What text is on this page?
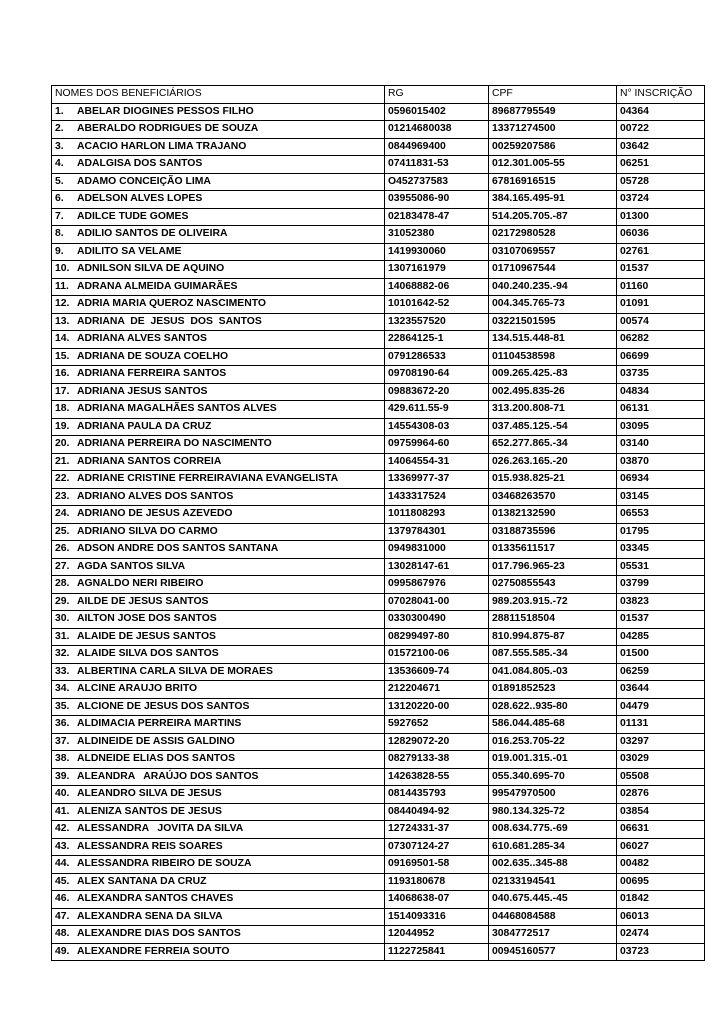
NOMES DOS BENEFICIÁRIOS	RG	CPF	N° INSCRIÇÃO
1. ABELAR DIOGINES PESSOS FILHO	0596015402	89687795549	04364
2. ABERALDO RODRIGUES DE SOUZA	01214680038	13371274500	00722
3. ACACIO HARLON LIMA TRAJANO	0844969400	00259207586	03642
4. ADALGISA DOS SANTOS	07411831-53	012.301.005-55	06251
5. ADAMO CONCEIÇÃO LIMA	O452737583	67816916515	05728
6. ADELSON ALVES LOPES	03955086-90	384.165.495-91	03724
7. ADILCE TUDE GOMES	02183478-47	514.205.705.-87	01300
8. ADILIO SANTOS DE OLIVEIRA	31052380	02172980528	06036
9. ADILITO SA VELAME	1419930060	03107069557	02761
10. ADNILSON SILVA DE AQUINO	1307161979	01710967544	01537
11. ADRANA ALMEIDA GUIMARÃES	14068882-06	040.240.235.-94	01160
12. ADRIA MARIA QUEROZ NASCIMENTO	10101642-52	004.345.765-73	01091
13. ADRIANA  DE  JESUS  DOS  SANTOS	1323557520	03221501595	00574
14. ADRIANA ALVES SANTOS	22864125-1	134.515.448-81	06282
15. ADRIANA DE SOUZA COELHO	0791286533	01104538598	06699
16. ADRIANA FERREIRA SANTOS	09708190-64	009.265.425.-83	03735
17. ADRIANA JESUS SANTOS	09883672-20	002.495.835-26	04834
18. ADRIANA MAGALHÃES SANTOS ALVES	429.611.55-9	313.200.808-71	06131
19. ADRIANA PAULA DA CRUZ	14554308-03	037.485.125.-54	03095
20. ADRIANA PERREIRA DO NASCIMENTO	09759964-60	652.277.865.-34	03140
21. ADRIANA SANTOS CORREIA	14064554-31	026.263.165.-20	03870
22. ADRIANE CRISTINE FERREIRAVIANA EVANGELISTA	13369977-37	015.938.825-21	06934
23. ADRIANO ALVES DOS SANTOS	1433317524	03468263570	03145
24. ADRIANO DE JESUS AZEVEDO	1011808293	01382132590	06553
25. ADRIANO SILVA DO CARMO	1379784301	03188735596	01795
26. ADSON ANDRE DOS SANTOS SANTANA	0949831000	01335611517	03345
27. AGDA SANTOS SILVA	13028147-61	017.796.965-23	05531
28. AGNALDO NERI RIBEIRO	0995867976	02750855543	03799
29. AILDE DE JESUS SANTOS	07028041-00	989.203.915.-72	03823
30. AILTON JOSE DOS SANTOS	0330300490	28811518504	01537
31. ALAIDE DE JESUS SANTOS	08299497-80	810.994.875-87	04285
32. ALAIDE SILVA DOS SANTOS	01572100-06	087.555.585.-34	01500
33. ALBERTINA CARLA SILVA DE MORAES	13536609-74	041.084.805.-03	06259
34. ALCINE ARAUJO BRITO	212204671	01891852523	03644
35. ALCIONE DE JESUS DOS SANTOS	13120220-00	028.622..935-80	04479
36. ALDIMACIA PERREIRA MARTINS	5927652	586.044.485-68	01131
37. ALDINEIDE DE ASSIS GALDINO	12829072-20	016.253.705-22	03297
38. ALDNEIDE ELIAS DOS SANTOS	08279133-38	019.001.315.-01	03029
39. ALEANDRA   ARAÚJO DOS SANTOS	14263828-55	055.340.695-70	05508
40. ALEANDRO SILVA DE JESUS	0814435793	99547970500	02876
41. ALENIZA SANTOS DE JESUS	08440494-92	980.134.325-72	03854
42. ALESSANDRA   JOVITA DA SILVA	12724331-37	008.634.775.-69	06631
43. ALESSANDRA REIS SOARES	07307124-27	610.681.285-34	06027
44. ALESSANDRA RIBEIRO DE SOUZA	09169501-58	002.635..345-88	00482
45. ALEX SANTANA DA CRUZ	1193180678	02133194541	00695
46. ALEXANDRA SANTOS CHAVES	14068638-07	040.675.445.-45	01842
47. ALEXANDRA SENA DA SILVA	1514093316	04468084588	06013
48. ALEXANDRE DIAS DOS SANTOS	12044952	3084772517	02474
49. ALEXANDRE FERREIA SOUTO	1122725841	00945160577	03723
